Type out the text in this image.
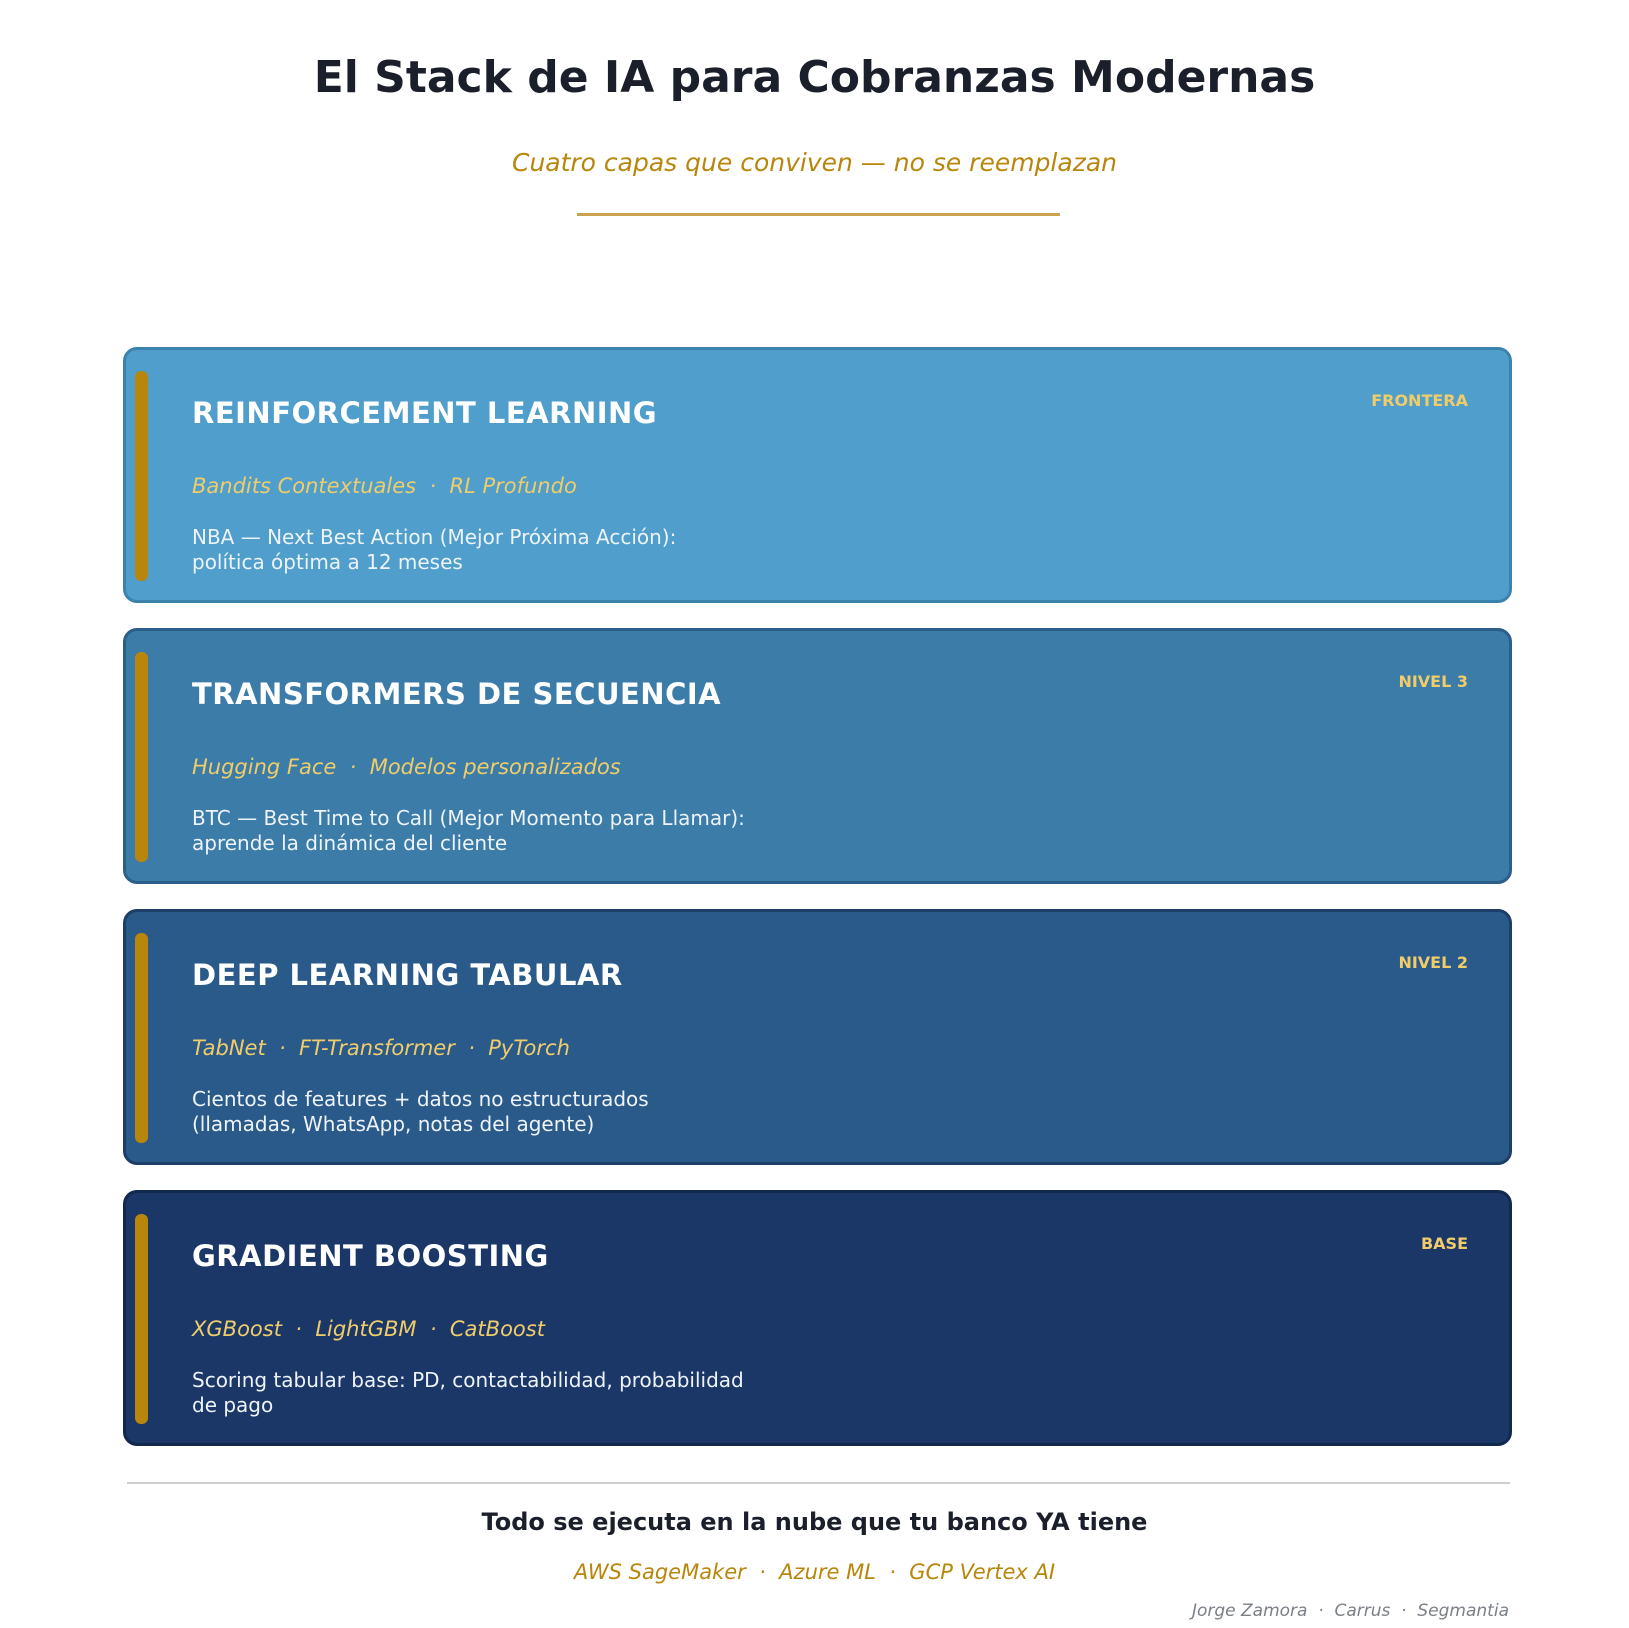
El Stack de IA para Cobranzas Modernas
Cuatro capas que conviven — no se reemplazan
REINFORCEMENT LEARNING	FRONTERA
Bandits Contextuales  ·  RL Profundo
NBA — Next Best Action (Mejor Próxima Acción): política óptima a 12 meses
TRANSFORMERS DE SECUENCIA	NIVEL 3
Hugging Face  ·  Modelos personalizados
BTC — Best Time to Call (Mejor Momento para Llamar): aprende la dinámica del cliente
DEEP LEARNING TABULAR	NIVEL 2
TabNet  ·  FT-Transformer  ·  PyTorch
Cientos de features + datos no estructurados (llamadas, WhatsApp, notas del agente)
GRADIENT BOOSTING	BASE
XGBoost  ·  LightGBM  ·  CatBoost
Scoring tabular base: PD, contactabilidad, probabilidad de pago
Todo se ejecuta en la nube que tu banco YA tiene
AWS SageMaker  ·  Azure ML  ·  GCP Vertex AI
Jorge Zamora  ·  Carrus  ·  Segmantia
